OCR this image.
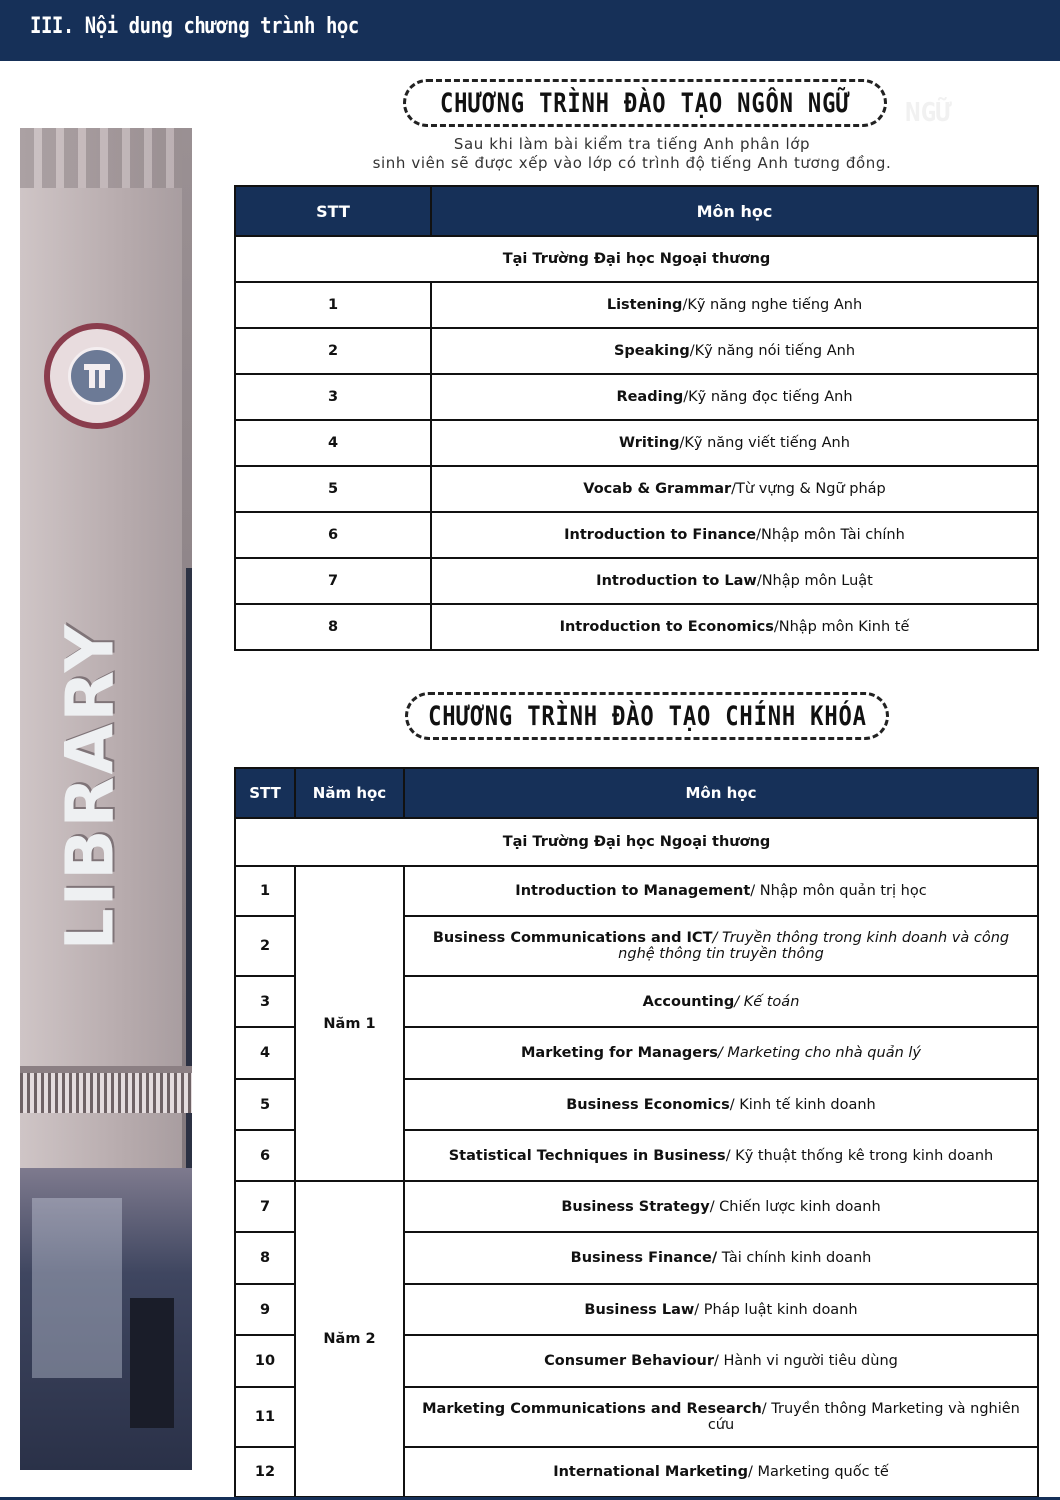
III. Nội dung chương trình học
LIBRARY
CHƯƠNG TRÌNH ĐÀO TẠO NGÔN NGỮ NGỮ
Sau khi làm bài kiểm tra tiếng Anh phân lớp
sinh viên sẽ được xếp vào lớp có trình độ tiếng Anh tương đồng.
STT	Môn học
Tại Trường Đại học Ngoại thương	
1	Listening/Kỹ năng nghe tiếng Anh
2	Speaking/Kỹ năng nói tiếng Anh
3	Reading/Kỹ năng đọc tiếng Anh
4	Writing/Kỹ năng viết tiếng Anh
5	Vocab & Grammar/Từ vựng & Ngữ pháp
6	Introduction to Finance/Nhập môn Tài chính
7	Introduction to Law/Nhập môn Luật
8	Introduction to Economics/Nhập môn Kinh tế
CHƯƠNG TRÌNH ĐÀO TẠO CHÍNH KHÓA
STT	Năm học	Môn học
Tại Trường Đại học Ngoại thương		
1	Năm 1	Introduction to Management/ Nhập môn quản trị học
2		Business Communications and ICT/ Truyền thông trong kinh doanh và công nghệ thông tin truyền thông
3		Accounting/ Kế toán
4		Marketing for Managers/ Marketing cho nhà quản lý
5		Business Economics/ Kinh tế kinh doanh
6		Statistical Techniques in Business/ Kỹ thuật thống kê trong kinh doanh
7	Năm 2	Business Strategy/ Chiến lược kinh doanh
8		Business Finance/ Tài chính kinh doanh
9		Business Law/ Pháp luật kinh doanh
10		Consumer Behaviour/ Hành vi người tiêu dùng
11		Marketing Communications and Research/ Truyền thông Marketing và nghiên cứu
12		International Marketing/ Marketing quốc tế
